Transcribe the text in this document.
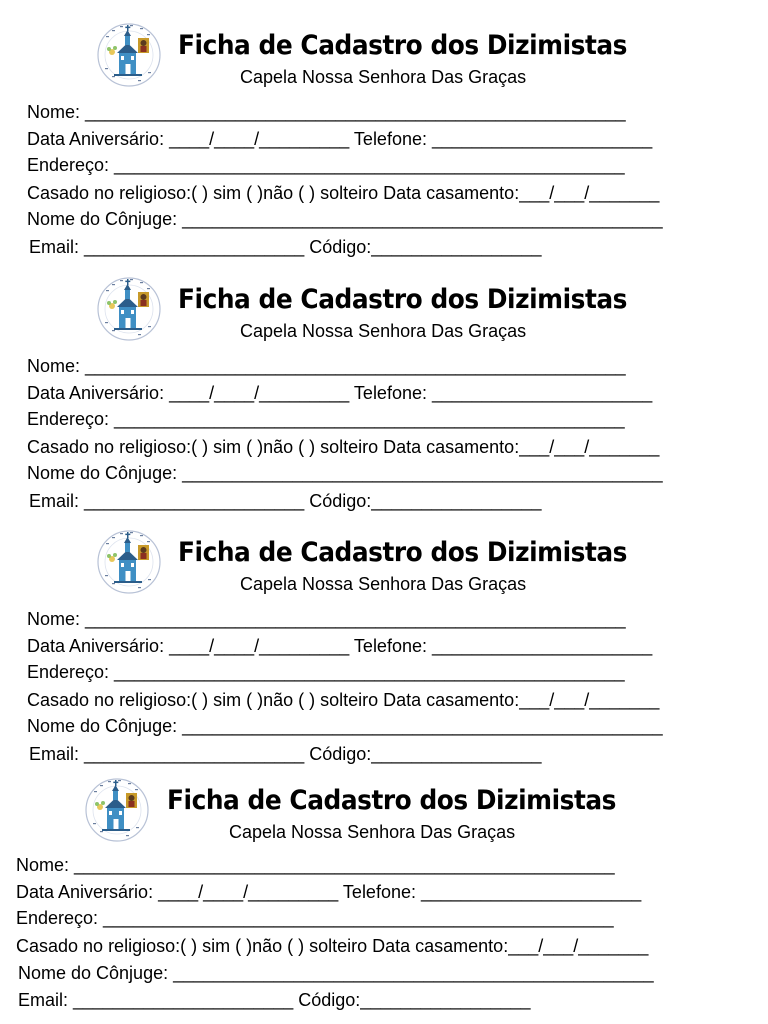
Ficha de Cadastro dos Dizimistas
Capela Nossa Senhora Das Graças
Nome: ______________________________________________________
Data Aniversário: ____/____/_________ Telefone: ______________________
Endereço: ___________________________________________________
Casado no religioso:( ) sim ( )não ( ) solteiro Data casamento:___/___/_______
Nome do Cônjuge: ________________________________________________
Email: ______________________ Código:_________________
Ficha de Cadastro dos Dizimistas
Capela Nossa Senhora Das Graças
Nome: ______________________________________________________
Data Aniversário: ____/____/_________ Telefone: ______________________
Endereço: ___________________________________________________
Casado no religioso:( ) sim ( )não ( ) solteiro Data casamento:___/___/_______
Nome do Cônjuge: ________________________________________________
Email: ______________________ Código:_________________
Ficha de Cadastro dos Dizimistas
Capela Nossa Senhora Das Graças
Nome: ______________________________________________________
Data Aniversário: ____/____/_________ Telefone: ______________________
Endereço: ___________________________________________________
Casado no religioso:( ) sim ( )não ( ) solteiro Data casamento:___/___/_______
Nome do Cônjuge: ________________________________________________
Email: ______________________ Código:_________________
Ficha de Cadastro dos Dizimistas
Capela Nossa Senhora Das Graças
Nome: ______________________________________________________
Data Aniversário: ____/____/_________ Telefone: ______________________
Endereço: ___________________________________________________
Casado no religioso:( ) sim ( )não ( ) solteiro Data casamento:___/___/_______
Nome do Cônjuge: ________________________________________________
Email: ______________________ Código:_________________
